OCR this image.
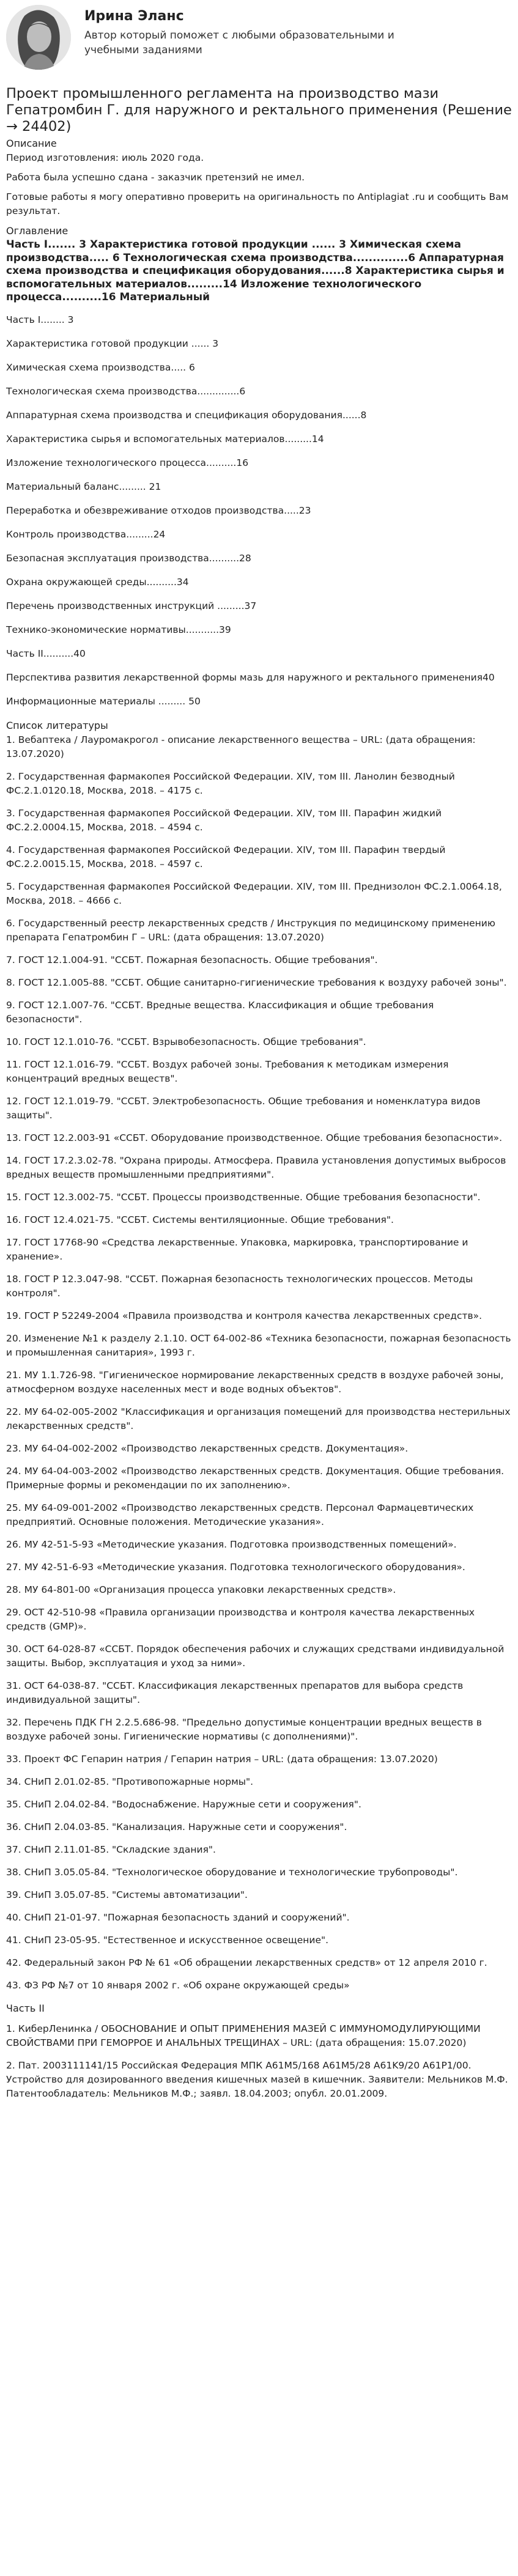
Ирина Эланс
Автор который поможет с любыми образовательными и учебными заданиями
Проект промышленного регламента на производство мази Гепатромбин Г. для наружного и ректального применения (Решение → 24402)
Описание

Период изготовления: июль 2020 года.

Работа была успешно сдана - заказчик претензий не имел.

Готовые работы я могу оперативно проверить на оригинальность по Antiplagiat .ru и сообщить Вам результат.

Оглавление

Часть I....... 3 Характеристика готовой продукции ...... 3 Химическая схема производства..... 6 Технологическая схема производства..............6 Аппаратурная схема производства и спецификация оборудования......8 Характеристика сырья и вспомогательных материалов.........14 Изложение технологического процесса..........16 Материальный

Часть I........ 3
Характеристика готовой продукции ...... 3
Химическая схема производства..... 6
Технологическая схема производства..............6
Аппаратурная схема производства и спецификация оборудования......8
Характеристика сырья и вспомогательных материалов.........14
Изложение технологического процесса..........16
Материальный баланс......... 21
Переработка и обезвреживание отходов производства.....23
Контроль производства.........24
Безопасная эксплуатация производства..........28
Охрана окружающей среды..........34
Перечень производственных инструкций .........37
Технико-экономические нормативы...........39
Часть II..........40
Перспектива развития лекарственной формы мазь для наружного и ректального применения40
Информационные материалы ......... 50
Список литературы
1. Вебаптека / Лауромакрогол - описание лекарственного вещества – URL: (дата обращения: 13.07.2020)
2. Государственная фармакопея Российской Федерации. XIV, том III. Ланолин безводный ФС.2.1.0120.18, Москва, 2018. – 4175 с.
3. Государственная фармакопея Российской Федерации. XIV, том III. Парафин жидкий ФС.2.2.0004.15, Москва, 2018. – 4594 с.
4. Государственная фармакопея Российской Федерации. XIV, том III. Парафин твердый ФС.2.2.0015.15, Москва, 2018. – 4597 с.
5. Государственная фармакопея Российской Федерации. XIV, том III. Преднизолон ФС.2.1.0064.18, Москва, 2018. – 4666 с.
6. Государственный реестр лекарственных средств / Инструкция по медицинскому применению препарата Гепатромбин Г – URL: (дата обращения: 13.07.2020)
7. ГОСТ 12.1.004-91. "ССБТ. Пожарная безопасность. Общие требования".
8. ГОСТ 12.1.005-88. "ССБТ. Общие санитарно-гигиенические требования к воздуху рабочей зоны".
9. ГОСТ 12.1.007-76. "ССБТ. Вредные вещества. Классификация и общие требования безопасности".
10. ГОСТ 12.1.010-76. "ССБТ. Взрывобезопасность. Общие требования".
11. ГОСТ 12.1.016-79. "ССБТ. Воздух рабочей зоны. Требования к методикам измерения концентраций вредных веществ".
12. ГОСТ 12.1.019-79. "ССБТ. Электробезопасность. Общие требования и номенклатура видов защиты".
13. ГОСТ 12.2.003-91 «ССБТ. Оборудование производственное. Общие требования безопасности».
14. ГОСТ 17.2.3.02-78. "Охрана природы. Атмосфера. Правила установления допустимых выбросов вредных веществ промышленными предприятиями".
15. ГОСТ 12.3.002-75. "ССБТ. Процессы производственные. Общие требования безопасности".
16. ГОСТ 12.4.021-75. "ССБТ. Системы вентиляционные. Общие требования".
17. ГОСТ 17768-90 «Средства лекарственные. Упаковка, маркировка, транспортирование и хранение».
18. ГОСТ Р 12.3.047-98. "ССБТ. Пожарная безопасность технологических процессов. Методы контроля".
19. ГОСТ Р 52249-2004 «Правила производства и контроля качества лекарственных средств».
20. Изменение №1 к разделу 2.1.10. ОСТ 64-002-86 «Техника безопасности, пожарная безопасность и промышленная санитария», 1993 г.
21. МУ 1.1.726-98. "Гигиеническое нормирование лекарственных средств в воздухе рабочей зоны, атмосферном воздухе населенных мест и воде водных объектов".
22. МУ 64-02-005-2002 "Классификация и организация помещений для производства нестерильных лекарственных средств".
23. МУ 64-04-002-2002 «Производство лекарственных средств. Документация».
24. МУ 64-04-003-2002 «Производство лекарственных средств. Документация. Общие требования. Примерные формы и рекомендации по их заполнению».
25. МУ 64-09-001-2002 «Производство лекарственных средств. Персонал Фармацевтических предприятий. Основные положения. Методические указания».
26. МУ 42-51-5-93 «Методические указания. Подготовка производственных помещений».
27. МУ 42-51-6-93 «Методические указания. Подготовка технологического оборудования».
28. МУ 64-801-00 «Организация процесса упаковки лекарственных средств».
29. ОСТ 42-510-98 «Правила организации производства и контроля качества лекарственных средств (GMP)».
30. ОСТ 64-028-87 «ССБТ. Порядок обеспечения рабочих и служащих средствами индивидуальной защиты. Выбор, эксплуатация и уход за ними».
31. ОСТ 64-038-87. "ССБТ. Классификация лекарственных препаратов для выбора средств индивидуальной защиты".
32. Перечень ПДК ГН 2.2.5.686-98. "Предельно допустимые концентрации вредных веществ в воздухе рабочей зоны. Гигиенические нормативы (с дополнениями)".
33. Проект ФС Гепарин натрия / Гепарин натрия – URL: (дата обращения: 13.07.2020)
34. СНиП 2.01.02-85. "Противопожарные нормы".
35. СНиП 2.04.02-84. "Водоснабжение. Наружные сети и сооружения".
36. СНиП 2.04.03-85. "Канализация. Наружные сети и сооружения".
37. СНиП 2.11.01-85. "Складские здания".
38. СНиП 3.05.05-84. "Технологическое оборудование и технологические трубопроводы".
39. СНиП 3.05.07-85. "Системы автоматизации".
40. СНиП 21-01-97. "Пожарная безопасность зданий и сооружений".
41. СНиП 23-05-95. "Естественное и искусственное освещение".
42. Федеральный закон РФ № 61 «Об обращении лекарственных средств» от 12 апреля 2010 г.
43. ФЗ РФ №7 от 10 января 2002 г. «Об охране окружающей среды»
Часть II
1. КиберЛенинка / ОБОСНОВАНИЕ И ОПЫТ ПРИМЕНЕНИЯ МАЗЕЙ С ИММУНОМОДУЛИРУЮЩИМИ СВОЙСТВАМИ ПРИ ГЕМОРРОЕ И АНАЛЬНЫХ ТРЕЩИНАХ – URL: (дата обращения: 15.07.2020)
2. Пат. 2003111141/15 Российская Федерация МПК A61M5/168 A61M5/28 A61K9/20 A61P1/00. Устройство для дозированного введения кишечных мазей в кишечник. Заявители: Мельников М.Ф. Патентообладатель: Мельников М.Ф.; заявл. 18.04.2003; опубл. 20.01.2009.
